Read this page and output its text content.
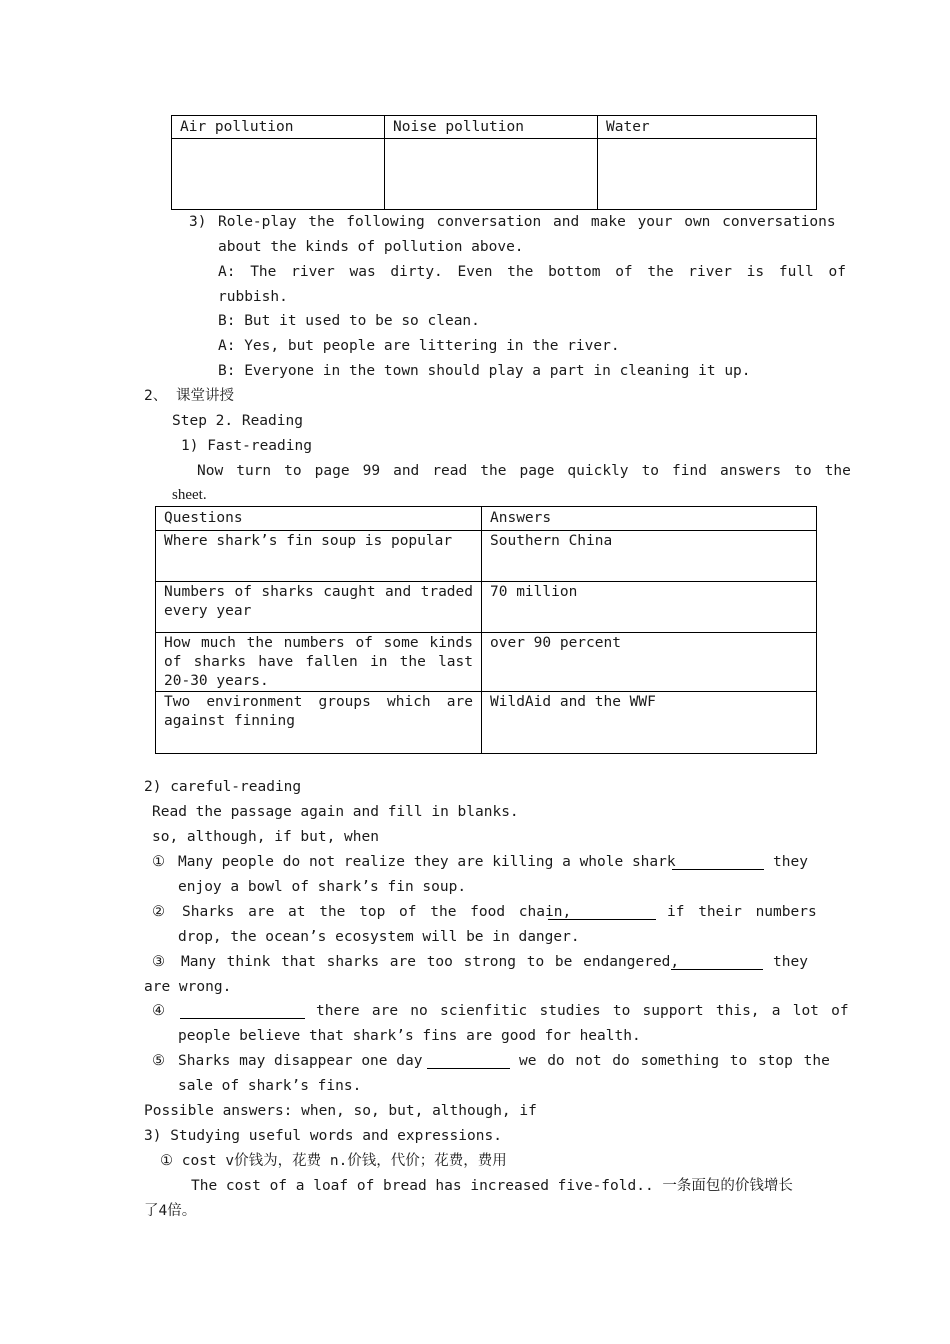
Air pollution	Noise pollution	Water

3) Role-play the following conversation and make your own conversations
about the kinds of pollution above.
A: The river was dirty. Even the bottom of the river is full of
rubbish.
B: But it used to be so clean.
A: Yes, but people are littering in the river.
B: Everyone in the town should play a part in cleaning it up.
2、 课堂讲授
Step 2. Reading
1) Fast-reading
Now turn to page 99 and read the page quickly to find answers to the
sheet.
Questions	Answers
Where shark’s fin soup is popular	Southern China
Numbers of sharks caught and traded every year	70 million
How much the numbers of some kinds of sharks have fallen in the last 20-30 years.	over 90 percent
Two environment groups which are against finning	WildAid and the WWF
2) careful-reading
Read the passage again and fill in blanks.
so, although, if but, when
① Many people do not realize they are killing a whole shark	they
enjoy a bowl of shark’s fin soup.
② Sharks are at the top of the food chain,	if their numbers
drop, the ocean’s ecosystem will be in danger.
③ Many think that sharks are too strong to be endangered,	they
are wrong.
④	there are no scienfitic studies to support this, a lot of
people believe that shark’s fins are good for health.
⑤ Sharks may disappear one day	we do not do something to stop the
sale of shark’s fins.
Possible answers: when, so, but, although, if
3) Studying useful words and expressions.
① cost v价钱为，花费 n.价钱，代价；花费，费用
The cost of a loaf of bread has increased five-fold.. 一条面包的价钱增长
了4倍。
